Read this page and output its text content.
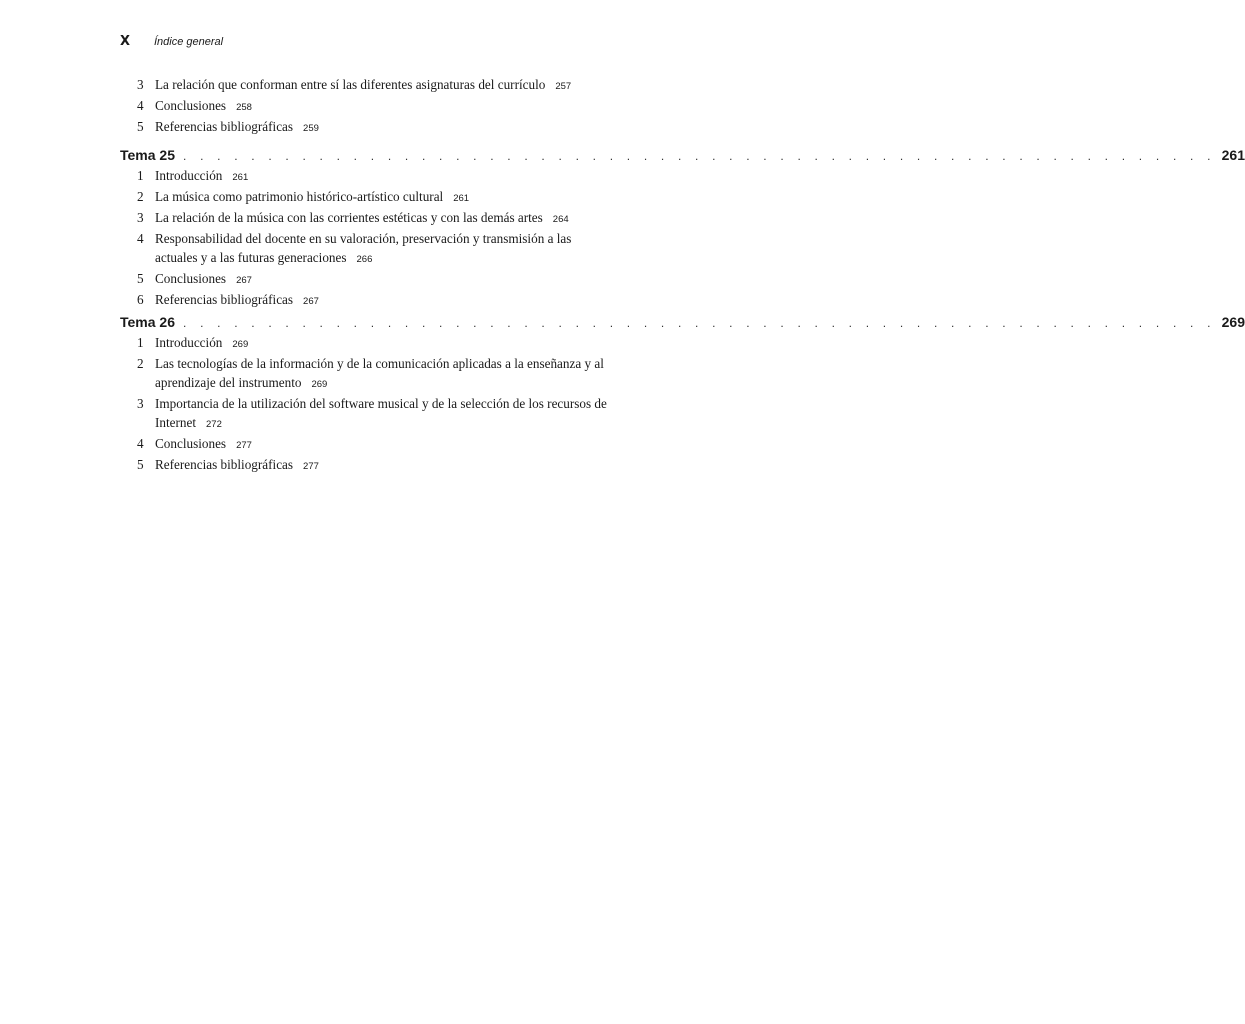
X Índice general
3 La relación que conforman entre sí las diferentes asignaturas del currículo 257
4 Conclusiones 258
5 Referencias bibliográficas 259
Tema 25 . . . . . . . . . . . . . . . . . . . . . . . . . . . . . . . . . . . . . . . . . . . . . . . . . . . . . . . . . . . . . 261
1 Introducción 261
2 La música como patrimonio histórico-artístico cultural 261
3 La relación de la música con las corrientes estéticas y con las demás artes 264
4 Responsabilidad del docente en su valoración, preservación y transmisión a las actuales y a las futuras generaciones 266
5 Conclusiones 267
6 Referencias bibliográficas 267
Tema 26 . . . . . . . . . . . . . . . . . . . . . . . . . . . . . . . . . . . . . . . . . . . . . . . . . . . . . . . . . . . . . 269
1 Introducción 269
2 Las tecnologías de la información y de la comunicación aplicadas a la enseñanza y al aprendizaje del instrumento 269
3 Importancia de la utilización del software musical y de la selección de los recursos de Internet 272
4 Conclusiones 277
5 Referencias bibliográficas 277
